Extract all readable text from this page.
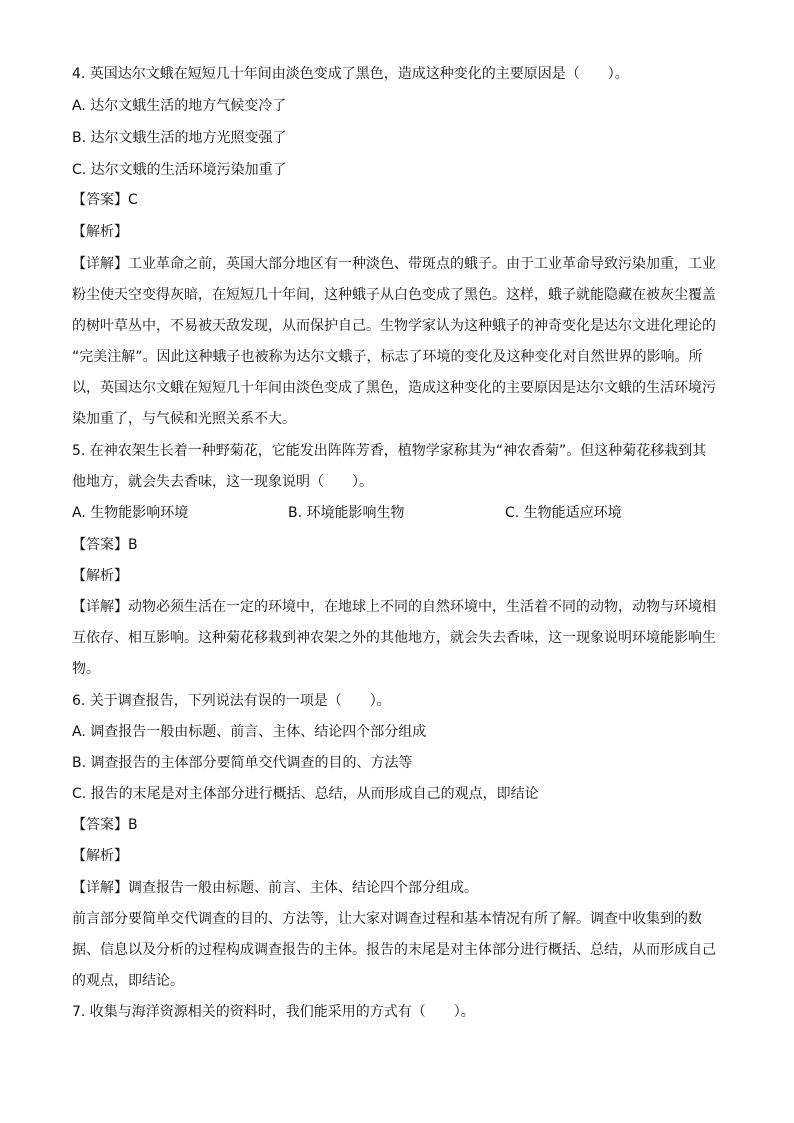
4. 英国达尔文蛾在短短几十年间由淡色变成了黑色，造成这种变化的主要原因是（　　）。
A. 达尔文蛾生活的地方气候变冷了
B. 达尔文蛾生活的地方光照变强了
C. 达尔文蛾的生活环境污染加重了
【答案】C
【解析】
【详解】工业革命之前，英国大部分地区有一种淡色、带斑点的蛾子。由于工业革命导致污染加重，工业
粉尘使天空变得灰暗，在短短几十年间，这种蛾子从白色变成了黑色。这样，蛾子就能隐藏在被灰尘覆盖
的树叶草丛中，不易被天敌发现，从而保护自己。生物学家认为这种蛾子的神奇变化是达尔文进化理论的
“完美注解”。因此这种蛾子也被称为达尔文蛾子，标志了环境的变化及这种变化对自然世界的影响。所
以，英国达尔文蛾在短短几十年间由淡色变成了黑色，造成这种变化的主要原因是达尔文蛾的生活环境污
染加重了，与气候和光照关系不大。
5. 在神农架生长着一种野菊花，它能发出阵阵芳香，植物学家称其为“神农香菊”。但这种菊花移栽到其
他地方，就会失去香味，这一现象说明（　　）。
A. 生物能影响环境	B. 环境能影响生物	C. 生物能适应环境
【答案】B
【解析】
【详解】动物必须生活在一定的环境中，在地球上不同的自然环境中，生活着不同的动物，动物与环境相
互依存、相互影响。这种菊花移栽到神农架之外的其他地方，就会失去香味，这一现象说明环境能影响生
物。
6. 关于调查报告，下列说法有误的一项是（　　）。
A. 调查报告一般由标题、前言、主体、结论四个部分组成
B. 调查报告的主体部分要简单交代调查的目的、方法等
C. 报告的末尾是对主体部分进行概括、总结，从而形成自己的观点，即结论
【答案】B
【解析】
【详解】调查报告一般由标题、前言、主体、结论四个部分组成。
前言部分要简单交代调查的目的、方法等，让大家对调查过程和基本情况有所了解。调查中收集到的数
据、信息以及分析的过程构成调查报告的主体。报告的末尾是对主体部分进行概括、总结，从而形成自己
的观点，即结论。
7. 收集与海洋资源相关的资料时，我们能采用的方式有（　　）。
